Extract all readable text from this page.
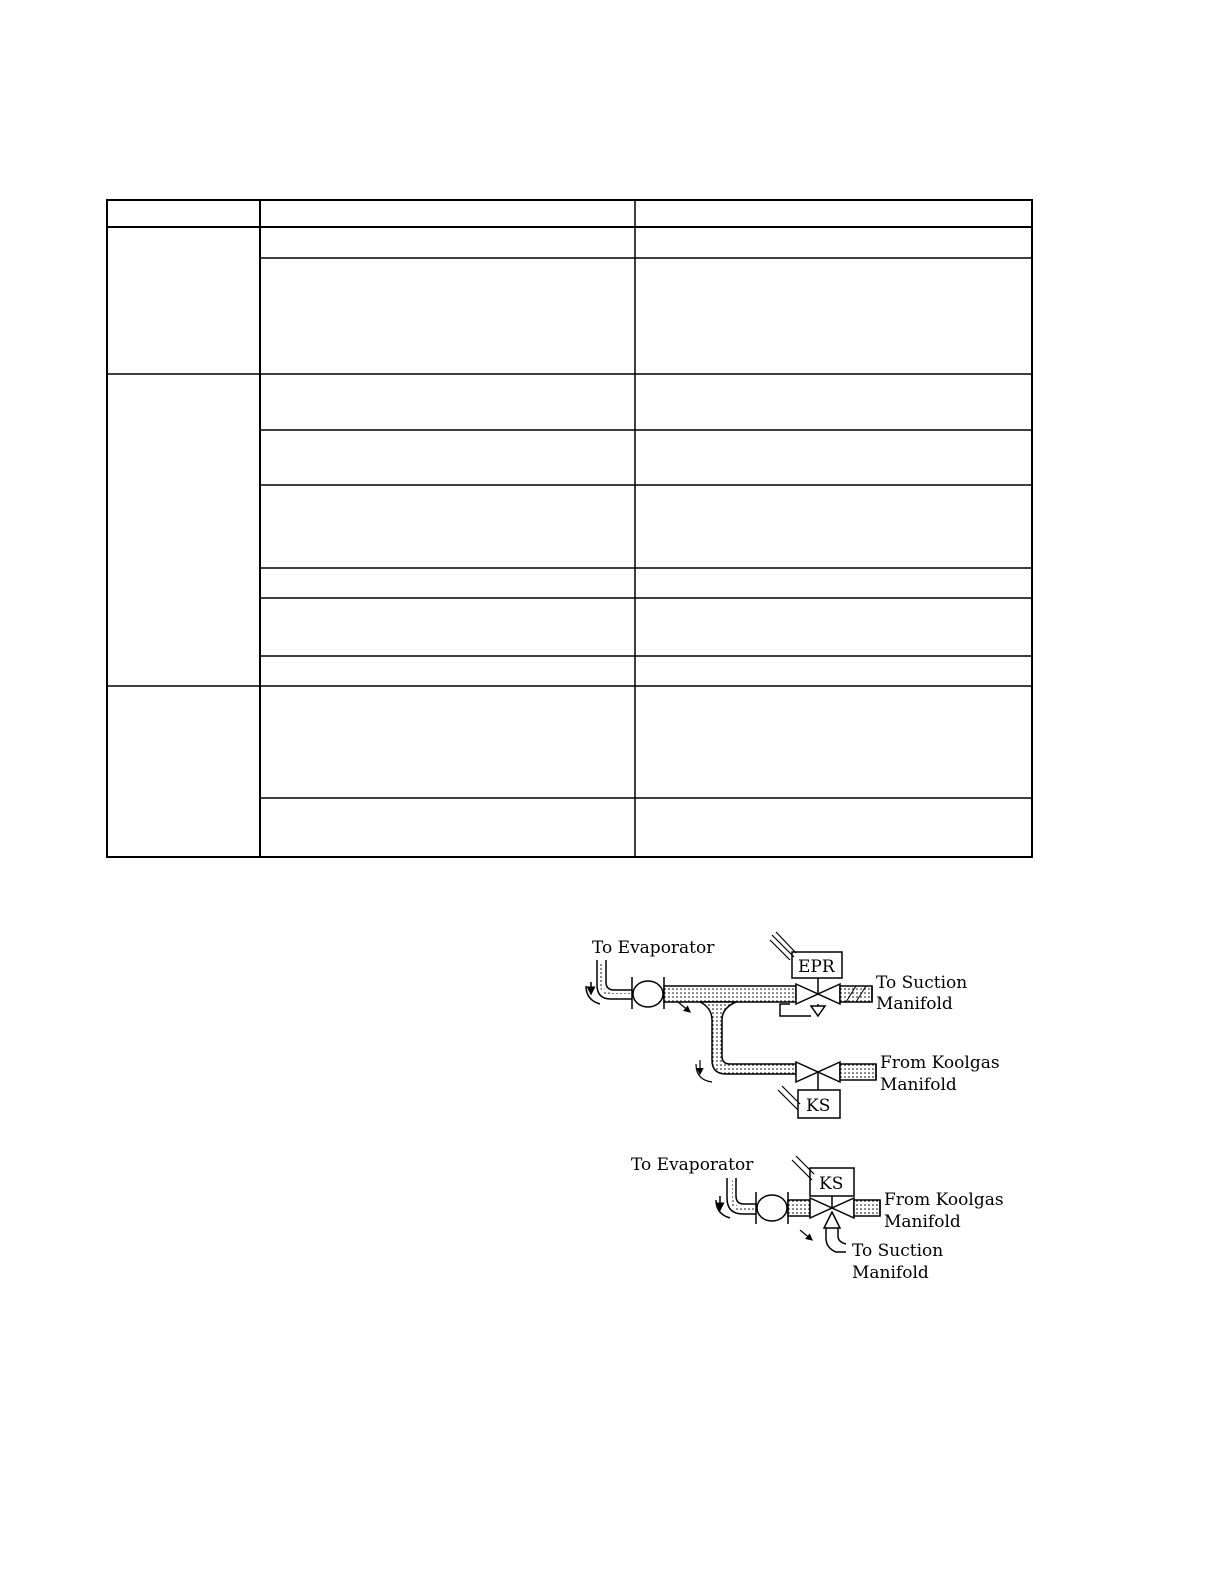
To Evaporator
EPR
To Suction
Manifold
KS
From Koolgas
Manifold
To Evaporator
KS
From Koolgas
Manifold
To Suction
Manifold
